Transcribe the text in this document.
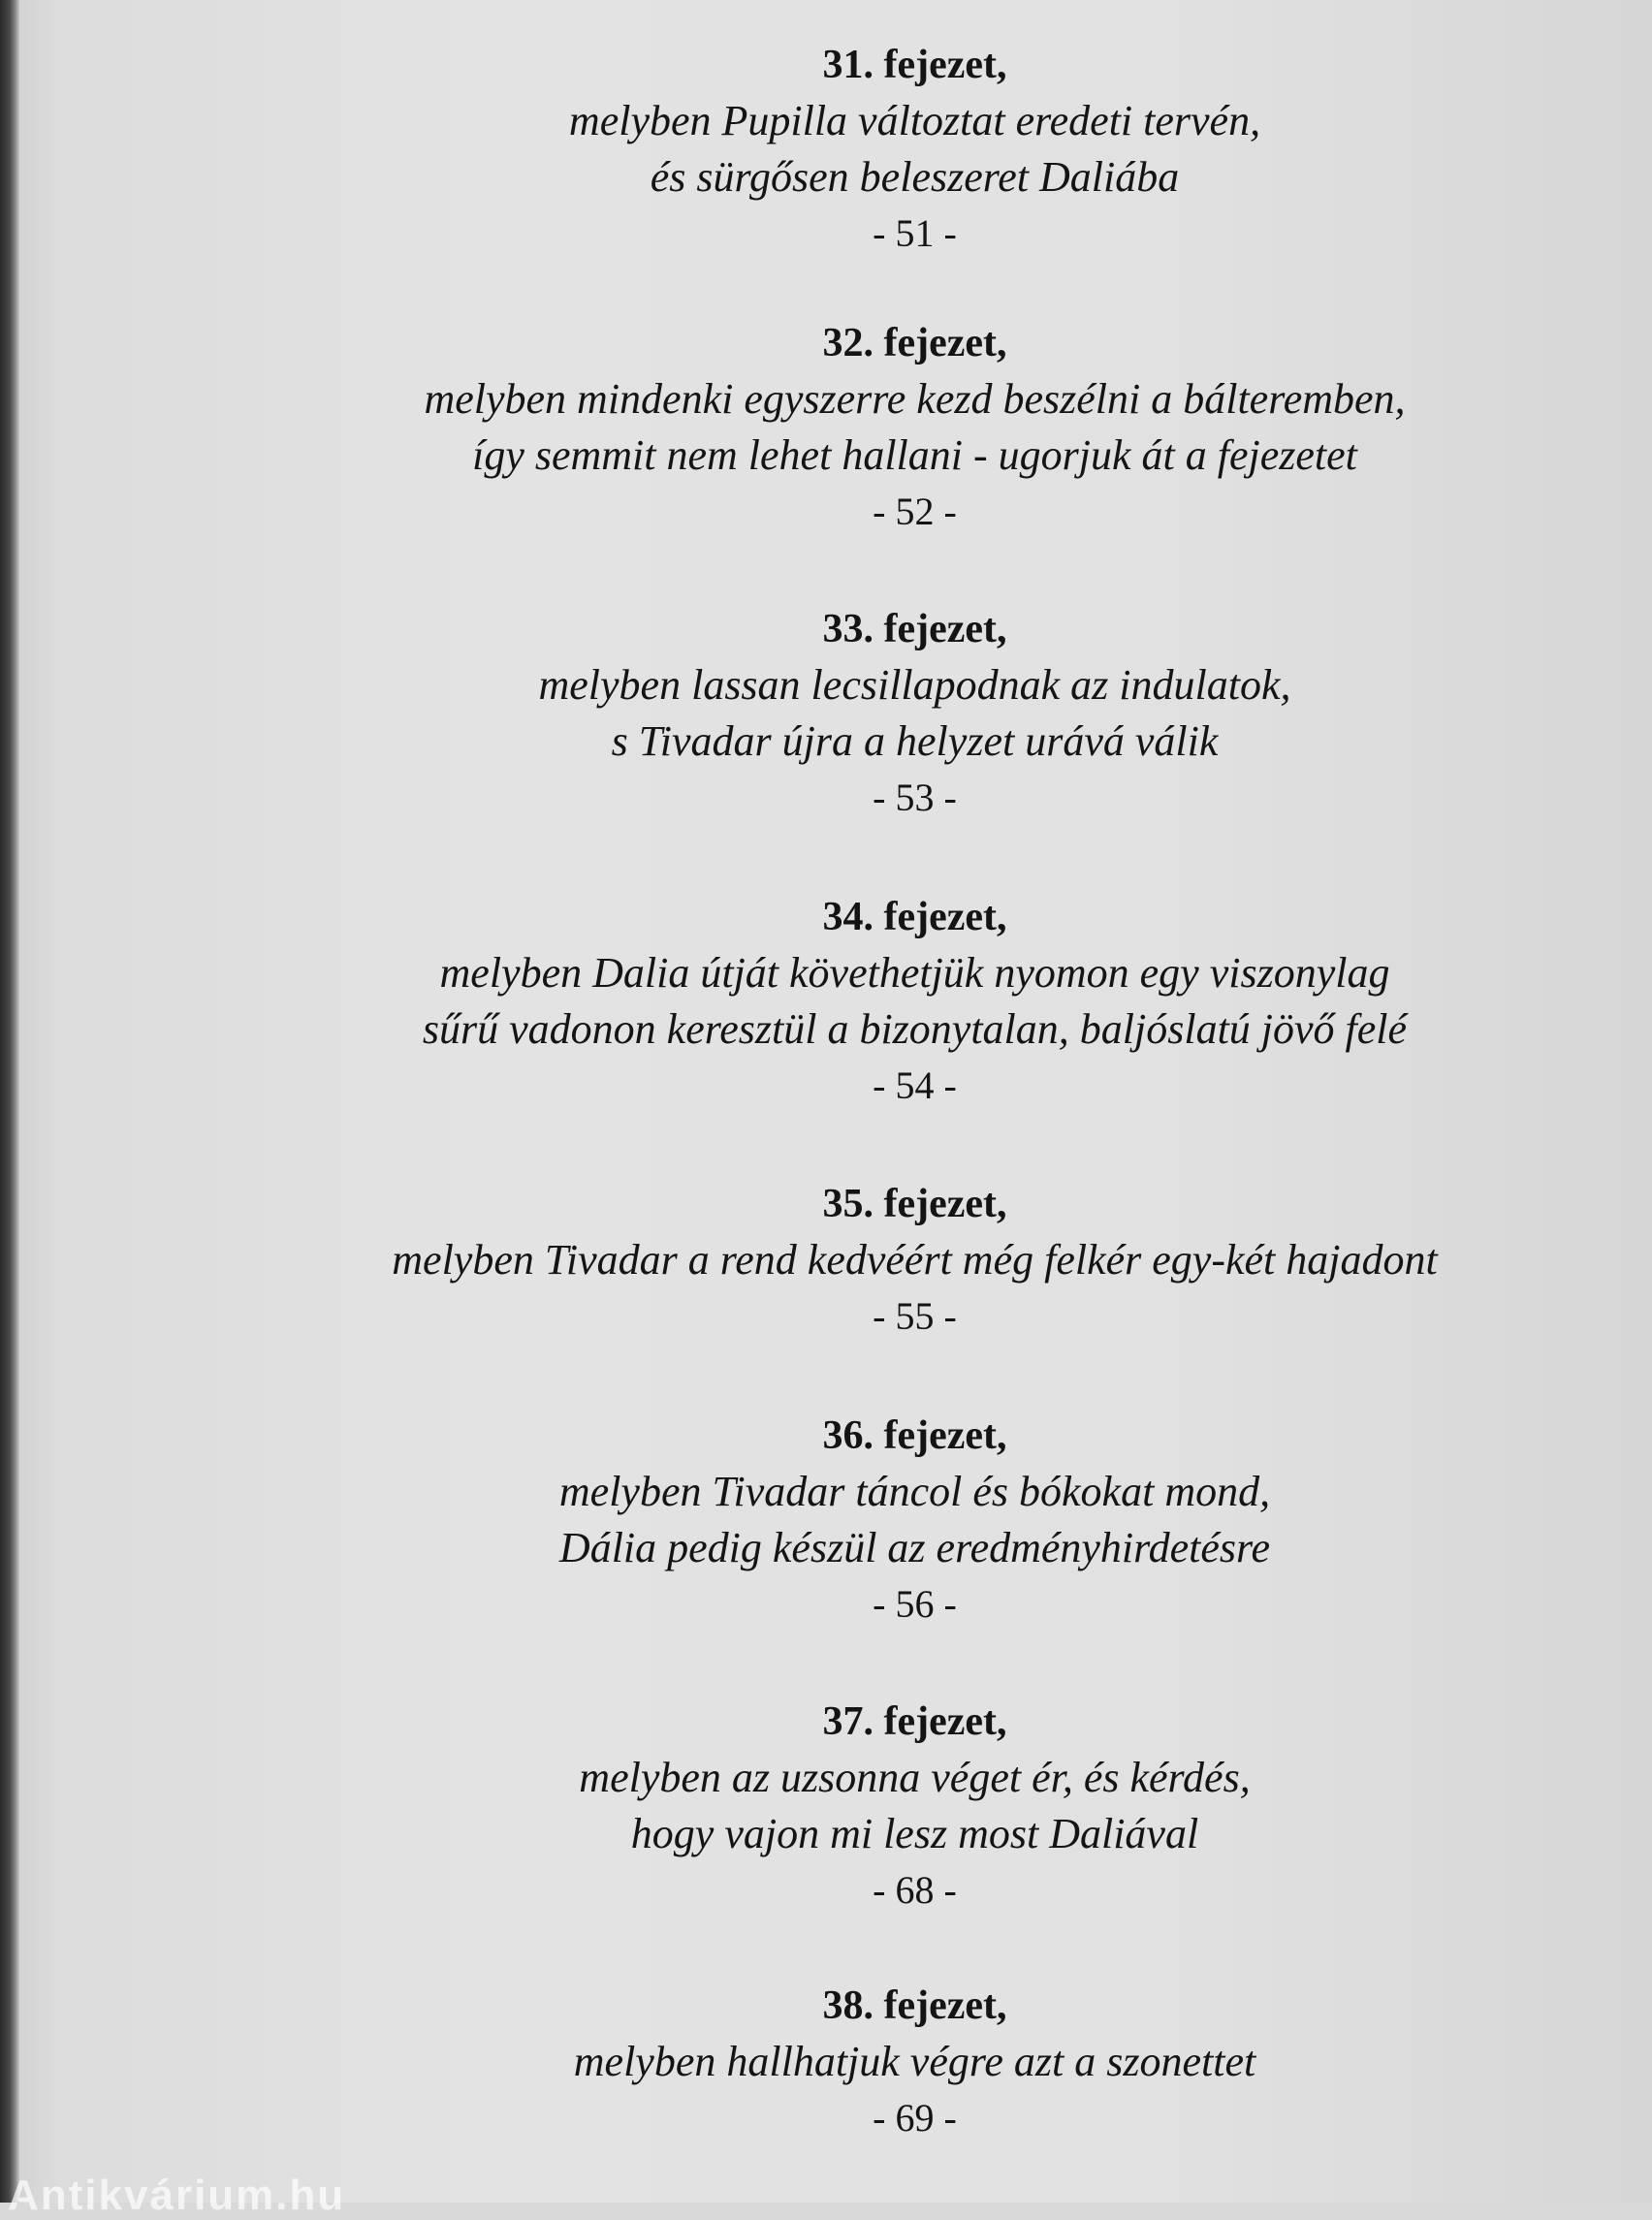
31. fejezet,
melyben Pupilla változtat eredeti tervén,
és sürgősen beleszeret Daliába
- 51 -
32. fejezet,
melyben mindenki egyszerre kezd beszélni a bálteremben,
így semmit nem lehet hallani - ugorjuk át a fejezetet
- 52 -
33. fejezet,
melyben lassan lecsillapodnak az indulatok,
s Tivadar újra a helyzet urává válik
- 53 -
34. fejezet,
melyben Dalia útját követhetjük nyomon egy viszonylag
sűrű vadonon keresztül a bizonytalan, baljóslatú jövő felé
- 54 -
35. fejezet,
melyben Tivadar a rend kedvéért még felkér egy-két hajadont
- 55 -
36. fejezet,
melyben Tivadar táncol és bókokat mond,
Dália pedig készül az eredményhirdetésre
- 56 -
37. fejezet,
melyben az uzsonna véget ér, és kérdés,
hogy vajon mi lesz most Daliával
- 68 -
38. fejezet,
melyben hallhatjuk végre azt a szonettet
- 69 -
Antikvárium.hu
